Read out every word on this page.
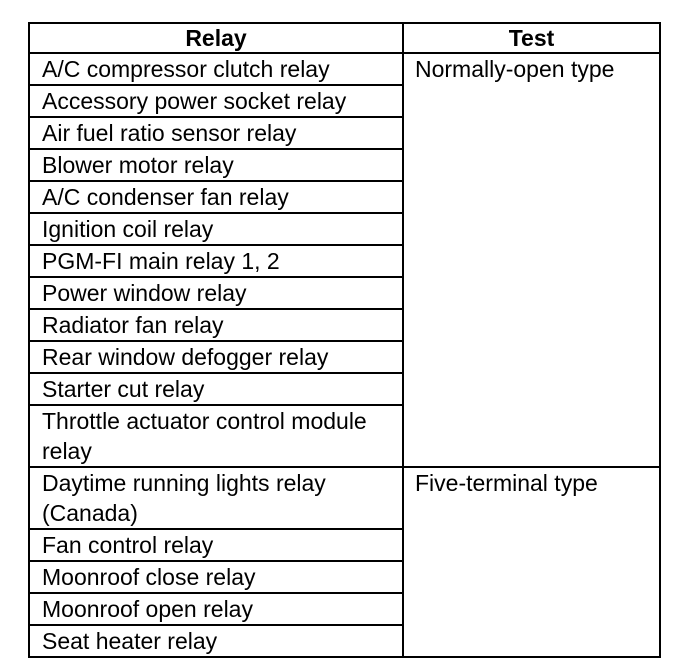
Relay	Test
A/C compressor clutch relay	Normally-open type
Accessory power socket relay	
Air fuel ratio sensor relay	
Blower motor relay	
A/C condenser fan relay	
Ignition coil relay	
PGM-FI main relay 1, 2	
Power window relay	
Radiator fan relay	
Rear window defogger relay	
Starter cut relay	
Throttle actuator control module relay	
Daytime running lights relay (Canada)	Five-terminal type
Fan control relay	
Moonroof close relay	
Moonroof open relay	
Seat heater relay	
